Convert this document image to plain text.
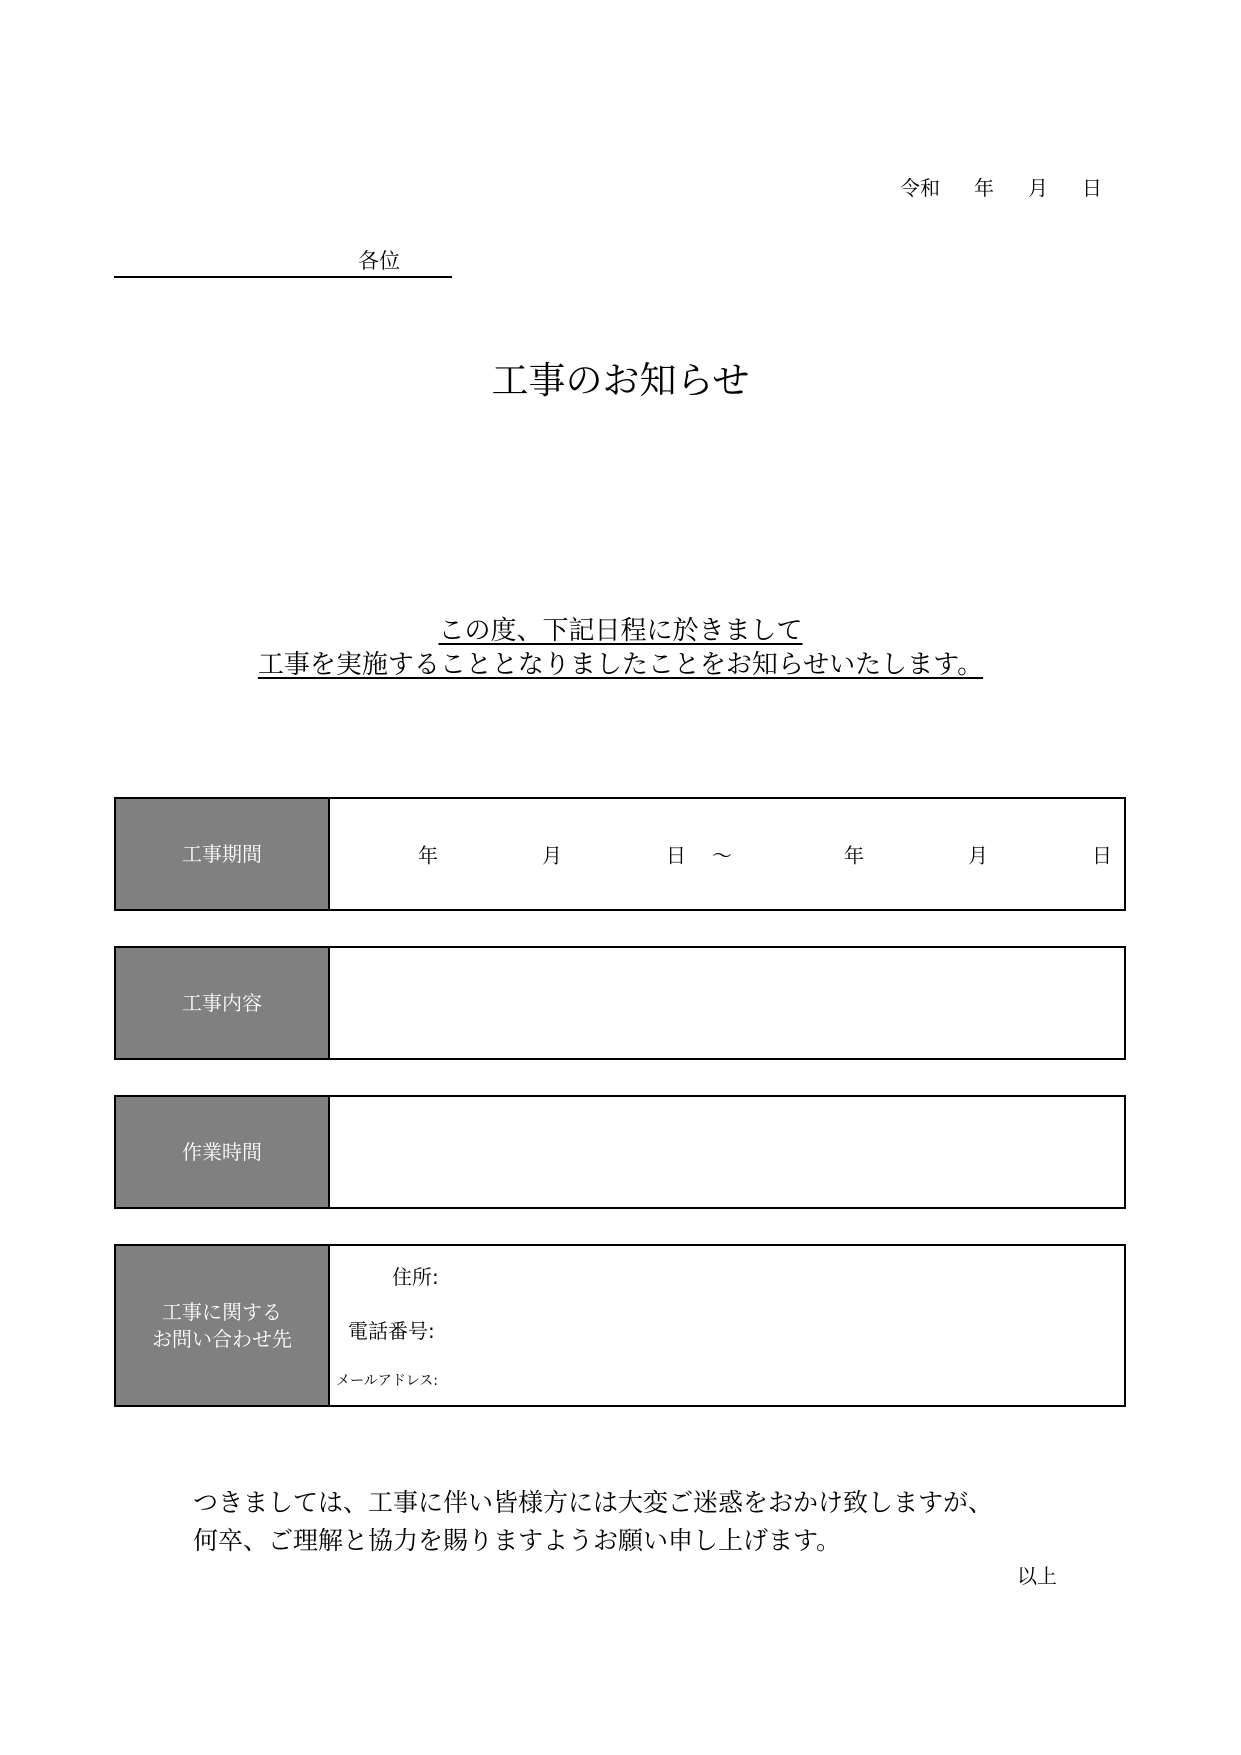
令和	年	月	日
各位
工事のお知らせ
この度、下記日程に於きまして
工事を実施することとなりましたことをお知らせいたします。
工事期間	年	月	日 ～	年	月	日
工事内容
作業時間
工事に関する
お問い合わせ先
住所:
電話番号:
メールアドレス:
つきましては、工事に伴い皆様方には大変ご迷惑をおかけ致しますが、
何卒、ご理解と協力を賜りますようお願い申し上げます。
以上
